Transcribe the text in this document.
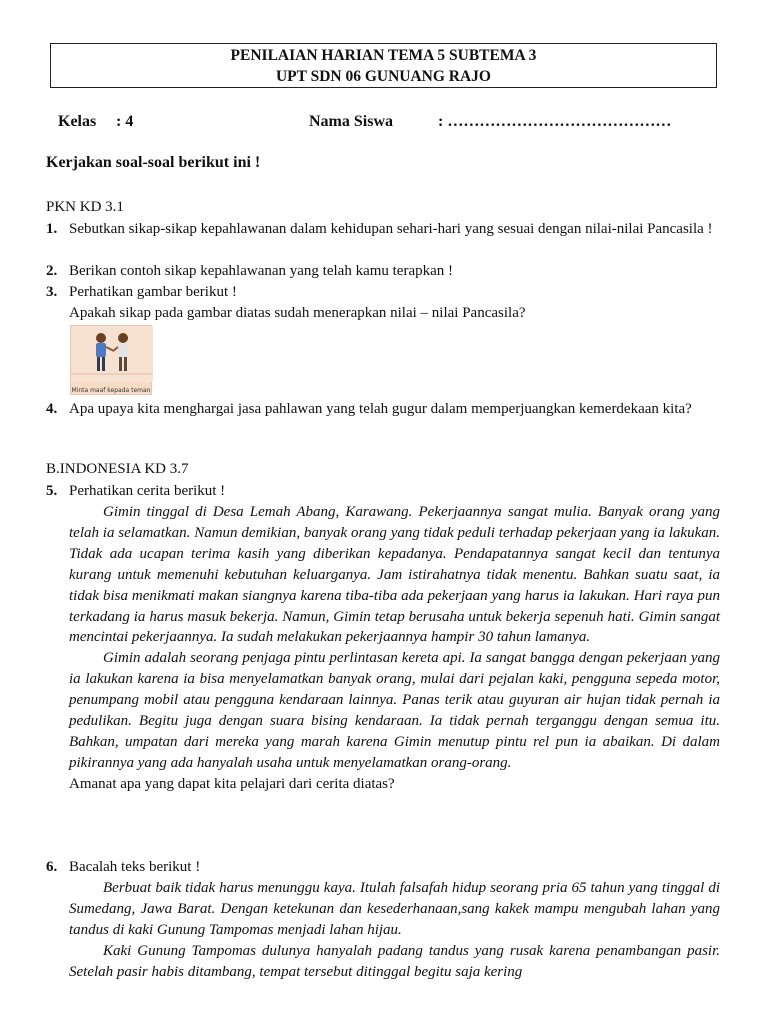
PENILAIAN HARIAN TEMA 5 SUBTEMA 3
UPT SDN 06 GUNUANG RAJO
Kelas : 4	Nama Siswa	: ……………………………………
Kerjakan soal-soal berikut ini !
PKN KD 3.1
1. Sebutkan sikap-sikap kepahlawanan dalam kehidupan sehari-hari yang sesuai dengan nilai-nilai Pancasila !
2. Berikan contoh sikap kepahlawanan yang telah kamu terapkan !
3. Perhatikan gambar berikut !
Apakah sikap pada gambar diatas sudah menerapkan nilai – nilai Pancasila?
Minta maaf kepada teman
4. Apa upaya kita menghargai jasa pahlawan yang telah gugur dalam memperjuangkan kemerdekaan kita?
B.INDONESIA KD 3.7
5. Perhatikan cerita berikut !
Gimin tinggal di Desa Lemah Abang, Karawang. Pekerjaannya sangat mulia. Banyak orang yang telah ia selamatkan. Namun demikian, banyak orang yang tidak peduli terhadap pekerjaan yang ia lakukan. Tidak ada ucapan terima kasih yang diberikan kepadanya. Pendapatannya sangat kecil dan tentunya kurang untuk memenuhi kebutuhan keluarganya. Jam istirahatnya tidak menentu. Bahkan suatu saat, ia tidak bisa menikmati makan siangnya karena tiba-tiba ada pekerjaan yang harus ia lakukan. Hari raya pun terkadang ia harus masuk bekerja. Namun, Gimin tetap berusaha untuk bekerja sepenuh hati. Gimin sangat mencintai pekerjaannya. Ia sudah melakukan pekerjaannya hampir 30 tahun lamanya.
Gimin adalah seorang penjaga pintu perlintasan kereta api. Ia sangat bangga dengan pekerjaan yang ia lakukan karena ia bisa menyelamatkan banyak orang, mulai dari pejalan kaki, pengguna sepeda motor, penumpang mobil atau pengguna kendaraan lainnya. Panas terik atau guyuran air hujan tidak pernah ia pedulikan. Begitu juga dengan suara bising kendaraan. Ia tidak pernah terganggu dengan semua itu. Bahkan, umpatan dari mereka yang marah karena Gimin menutup pintu rel pun ia abaikan. Di dalam pikirannya yang ada hanyalah usaha untuk menyelamatkan orang-orang.
Amanat apa yang dapat kita pelajari dari cerita diatas?
6. Bacalah teks berikut !
Berbuat baik tidak harus menunggu kaya. Itulah falsafah hidup seorang pria 65 tahun yang tinggal di Sumedang, Jawa Barat. Dengan ketekunan dan kesederhanaan,sang kakek mampu mengubah lahan yang tandus di kaki Gunung Tampomas menjadi lahan hijau.
Kaki Gunung Tampomas dulunya hanyalah padang tandus yang rusak karena penambangan pasir. Setelah pasir habis ditambang, tempat tersebut ditinggal begitu saja kering
